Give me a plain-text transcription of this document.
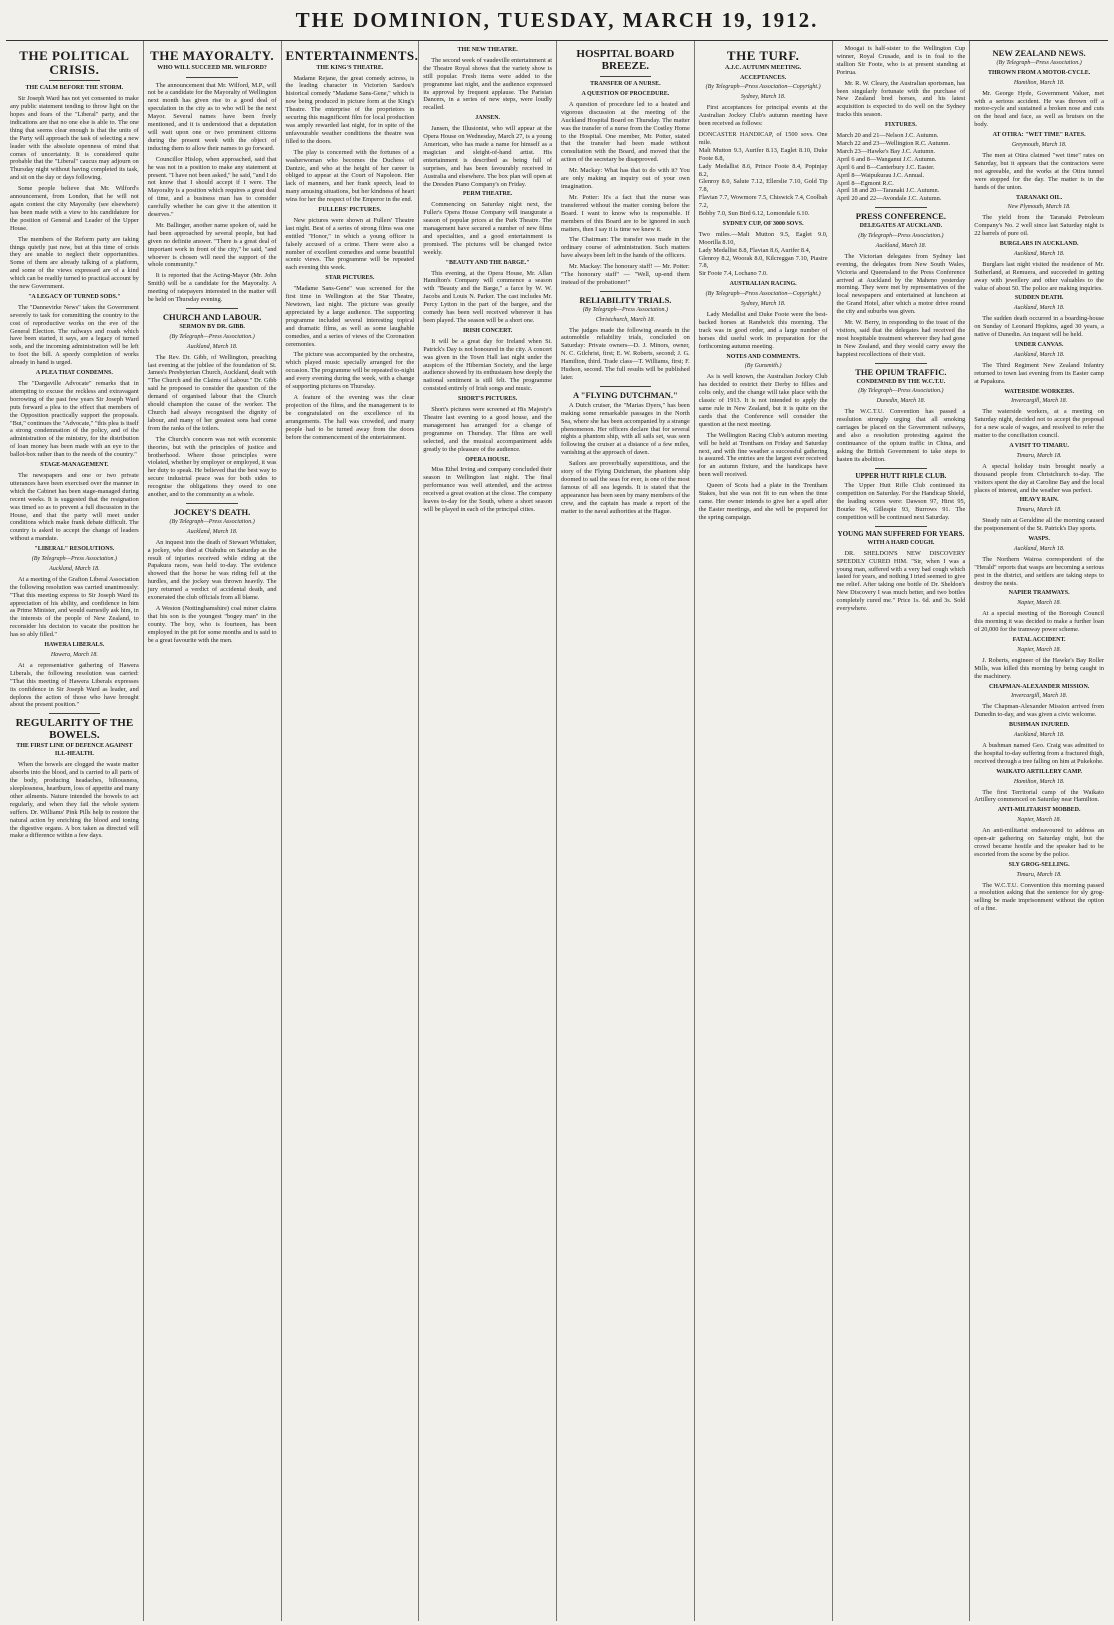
THE DOMINION, TUESDAY, MARCH 19, 1912.
THE POLITICAL CRISIS.
THE CALM BEFORE THE STORM.

Sir Joseph Ward has not yet consented to make any public statement tending to throw light on the hopes and fears of the "Liberal" party, and the indications are that no one else is able to. The one thing that seems clear enough is that the units of the Party will approach the task of selecting a new leader with the absolute openness of mind that comes of uncertainty. It is considered quite probable that the "Liberal" caucus may adjourn on Thursday night without having completed its task, and sit on the day or days following.

Some people believe that Mr. Wilford's announcement, from London, that he will not again contest the city Mayoralty (see elsewhere) has been made with a view to his candidature for the position of General and Leader of the Upper House.

The members of the Reform party are taking things quietly just now, but at this time of crisis they are unable to neglect their opportunities. Some of them are already talking of a platform, and some of the views expressed are of a kind which can be readily turned to practical account by the new Government.

"A LEGACY OF TURNED SODS."

The "Dannevirke News" takes the Government severely to task for committing the country to the cost of reproductive works on the eve of the General Election. The railways and roads which have been started, it says, are a legacy of turned sods, and the incoming administration will be left to foot the bill. A speedy completion of works already in hand is urged.

A PLEA THAT CONDEMNS.

The "Dargaville Advocate" remarks that in attempting to excuse the reckless and extravagant borrowing of the past few years Sir Joseph Ward puts forward a plea to the effect that members of the Opposition practically support the proposals. "But," continues the "Advocate," "this plea is itself a strong condemnation of the policy, and of the administration of the ministry, for the distribution of loan money has been made with an eye to the ballot-box rather than to the needs of the country."

STAGE-MANAGEMENT.

The newspapers and one or two private utterances have been exercised over the manner in which the Cabinet has been stage-managed during recent weeks. It is suggested that the resignation was timed so as to prevent a full discussion in the House, and that the party will meet under conditions which make frank debate difficult. The country is asked to accept the change of leaders without a mandate.

"LIBERAL" RESOLUTIONS.
(By Telegraph—Press Association.)
Auckland, March 18.

At a meeting of the Grafton Liberal Association the following resolution was carried unanimously: "That this meeting express to Sir Joseph Ward its appreciation of his ability, and confidence in him as Prime Minister, and would earnestly ask him, in the interests of the people of New Zealand, to reconsider his decision to vacate the position he has so ably filled."

HAWERA LIBERALS.
Hawera, March 18.

At a representative gathering of Hawera Liberals, the following resolution was carried: "That this meeting of Hawera Liberals expresses its confidence in Sir Joseph Ward as leader, and deplores the action of those who have brought about the present position."

REGULARITY OF THE BOWELS.
THE FIRST LINE OF DEFENCE AGAINST ILL-HEALTH.

When the bowels are clogged the waste matter absorbs into the blood, and is carried to all parts of the body, producing headaches, biliousness, sleeplessness, heartburn, loss of appetite and many other ailments. Nature intended the bowels to act regularly, and when they fail the whole system suffers. Dr. Williams' Pink Pills help to restore the natural action by enriching the blood and toning the digestive organs. A box taken as directed will make a difference within a few days.

THE MAYORALTY.
WHO WILL SUCCEED MR. WILFORD?

The announcement that Mr. Wilford, M.P., will not be a candidate for the Mayoralty of Wellington next month has given rise to a good deal of speculation in the city as to who will be the next Mayor. Several names have been freely mentioned, and it is understood that a deputation will wait upon one or two prominent citizens during the present week with the object of inducing them to allow their names to go forward.

Councillor Hislop, when approached, said that he was not in a position to make any statement at present. "I have not been asked," he said, "and I do not know that I should accept if I were. The Mayoralty is a position which requires a great deal of time, and a business man has to consider carefully whether he can give it the attention it deserves."

Mr. Ballinger, another name spoken of, said he had been approached by several people, but had given no definite answer. "There is a great deal of important work in front of the city," he said, "and whoever is chosen will need the support of the whole community."

It is reported that the Acting-Mayor (Mr. John Smith) will be a candidate for the Mayoralty. A meeting of ratepayers interested in the matter will be held on Thursday evening.

CHURCH AND LABOUR.
SERMON BY DR. GIBB.
(By Telegraph—Press Association.)
Auckland, March 18.

The Rev. Dr. Gibb, of Wellington, preaching last evening at the jubilee of the foundation of St. James's Presbyterian Church, Auckland, dealt with "The Church and the Claims of Labour." Dr. Gibb said he proposed to consider the question of the demand of organised labour that the Church should champion the cause of the worker. The Church had always recognised the dignity of labour, and many of her greatest sons had come from the ranks of the toilers.

The Church's concern was not with economic theories, but with the principles of justice and brotherhood. Where those principles were violated, whether by employer or employed, it was her duty to speak. He believed that the best way to secure industrial peace was for both sides to recognise the obligations they owed to one another, and to the community as a whole.

JOCKEY'S DEATH.
(By Telegraph—Press Association.)
Auckland, March 18.

An inquest into the death of Stewart Whittaker, a jockey, who died at Otahuhu on Saturday as the result of injuries received while riding at the Papakura races, was held to-day. The evidence showed that the horse he was riding fell at the hurdles, and the jockey was thrown heavily. The jury returned a verdict of accidental death, and exonerated the club officials from all blame.

A Weston (Nottinghamshire) coal miner claims that his son is the youngest "bogey man" in the county. The boy, who is fourteen, has been employed in the pit for some months and is said to be a great favourite with the men.

ENTERTAINMENTS.
THE KING'S THEATRE.

Madame Rejane, the great comedy actress, is the leading character in Victorien Sardou's historical comedy "Madame Sans-Gene," which is now being produced in picture form at the King's Theatre. The enterprise of the proprietors in securing this magnificent film for local production was amply rewarded last night, for in spite of the unfavourable weather conditions the theatre was filled to the doors.

The play is concerned with the fortunes of a washerwoman who becomes the Duchess of Dantzic, and who at the height of her career is obliged to appear at the Court of Napoleon. Her lack of manners, and her frank speech, lead to many amusing situations, but her kindness of heart wins for her the respect of the Emperor in the end.

FULLERS' PICTURES.

New pictures were shown at Fullers' Theatre last night. Best of a series of strong films was one entitled "Honor," in which a young officer is falsely accused of a crime. There were also a number of excellent comedies and some beautiful scenic views. The programme will be repeated each evening this week.

STAR PICTURES.

"Madame Sans-Gene" was screened for the first time in Wellington at the Star Theatre, Newtown, last night. The picture was greatly appreciated by a large audience. The supporting programme included several interesting topical and dramatic films, as well as some laughable comedies, and a series of views of the Coronation ceremonies.

The picture was accompanied by the orchestra, which played music specially arranged for the occasion. The programme will be repeated to-night and every evening during the week, with a change of supporting pictures on Thursday.

A feature of the evening was the clear projection of the films, and the management is to be congratulated on the excellence of its arrangements. The hall was crowded, and many people had to be turned away from the doors before the commencement of the entertainment.

THE NEW THEATRE.

The second week of vaudeville entertainment at the Theatre Royal shows that the variety show is still popular. Fresh items were added to the programme last night, and the audience expressed its approval by frequent applause. The Parisian Dancers, in a series of new steps, were loudly recalled.

JANSEN.

Jansen, the Illusionist, who will appear at the Opera House on Wednesday, March 27, is a young American, who has made a name for himself as a magician and sleight-of-hand artist. His entertainment is described as being full of surprises, and has been favourably received in Australia and elsewhere. The box plan will open at the Dresden Piano Company's on Friday.

PERM THEATRE.

Commencing on Saturday night next, the Fuller's Opera House Company will inaugurate a season of popular prices at the Park Theatre. The management have secured a number of new films and specialties, and a good entertainment is promised. The pictures will be changed twice weekly.

"BEAUTY AND THE BARGE."

This evening, at the Opera House, Mr. Allan Hamilton's Company will commence a season with "Beauty and the Barge," a farce by W. W. Jacobs and Louis N. Parker. The cast includes Mr. Percy Lytton in the part of the bargee, and the comedy has been well received wherever it has been played. The season will be a short one.

IRISH CONCERT.

It will be a great day for Ireland when St. Patrick's Day is not honoured in the city. A concert was given in the Town Hall last night under the auspices of the Hibernian Society, and the large audience showed by its enthusiasm how deeply the national sentiment is still felt. The programme consisted entirely of Irish songs and music.

SHORT'S PICTURES.

Short's pictures were screened at His Majesty's Theatre last evening to a good house, and the management has arranged for a change of programme on Thursday. The films are well selected, and the musical accompaniment adds greatly to the pleasure of the audience.

OPERA HOUSE.

Miss Ethel Irving and company concluded their season in Wellington last night. The final performance was well attended, and the actress received a great ovation at the close. The company leaves to-day for the South, where a short season will be played in each of the principal cities.

HOSPITAL BOARD BREEZE.
TRANSFER OF A NURSE.
A QUESTION OF PROCEDURE.

A question of procedure led to a heated and vigorous discussion at the meeting of the Auckland Hospital Board on Thursday. The matter was the transfer of a nurse from the Costley Home to the Hospital. One member, Mr. Potter, stated that the transfer had been made without consultation with the Board, and moved that the action of the secretary be disapproved.

Mr. Mackay: What has that to do with it? You are only making an inquiry out of your own imagination.

Mr. Potter: It's a fact that the nurse was transferred without the matter coming before the Board. I want to know who is responsible. If members of this Board are to be ignored in such matters, then I say it is time we knew it.

The Chairman: The transfer was made in the ordinary course of administration. Such matters have always been left in the hands of the officers.

Mr. Mackay: The honorary staff! — Mr. Potter: "The honorary staff" — "Well, up-end them instead of the probationer!"

RELIABILITY TRIALS.
(By Telegraph—Press Association.)
Christchurch, March 18.

The judges made the following awards in the automobile reliability trials, concluded on Saturday: Private owners—D. J. Minors, owner, N. C. Gilchrist, first; E. W. Roberts, second; J. G. Hamilton, third. Trade class—T. Williams, first; F. Hudson, second. The full results will be published later.

A "FLYING DUTCHMAN."

A Dutch cruiser, the "Marias Dyers," has been making some remarkable passages in the North Sea, where she has been accompanied by a strange phenomenon. Her officers declare that for several nights a phantom ship, with all sails set, was seen following the cruiser at a distance of a few miles, vanishing at the approach of dawn.

Sailors are proverbially superstitious, and the story of the Flying Dutchman, the phantom ship doomed to sail the seas for ever, is one of the most famous of all sea legends. It is stated that the appearance has been seen by many members of the crew, and the captain has made a report of the matter to the naval authorities at the Hague.

THE TURF.
A.J.C. AUTUMN MEETING.
ACCEPTANCES.
(By Telegraph—Press Association—Copyright.)
Sydney, March 18.

First acceptances for principal events at the Australian Jockey Club's autumn meeting have been received as follows:

DONCASTER HANDICAP, of 1500 sovs. One mile.
Malt Mutton 9.3, Aurifer 8.13, Eaglet 8.10, Duke Foote 8.8,
Lady Medallist 8.6, Prince Foote 8.4, Popinjay 8.2,
Glenroy 8.0, Salute 7.12, Ellerslie 7.10, Gold Tip 7.8,
Flavian 7.7, Wowmore 7.5, Chiswick 7.4, Coolbah 7.2,
Bobby 7.0, Sun Bird 6.12, Lomondale 6.10.
SYDNEY CUP, OF 3000 SOVS.
Two miles.—Malt Mutton 9.5, Eaglet 9.0, Moorilla 8.10,
Lady Medallist 8.8, Flavian 8.6, Aurifer 8.4,
Glenroy 8.2, Woorak 8.0, Kilcreggan 7.10, Piastre 7.8,
Sir Foote 7.4, Lochano 7.0.
AUSTRALIAN RACING.
(By Telegraph—Press Association—Copyright.)
Sydney, March 18.

Lady Medallist and Duke Foote were the best-backed horses at Randwick this morning. The track was in good order, and a large number of horses did useful work in preparation for the forthcoming autumn meeting.

NOTES AND COMMENTS.
(By Gunsmith.)

As is well known, the Australian Jockey Club has decided to restrict their Derby to fillies and colts only, and the change will take place with the classic of 1913. It is not intended to apply the same rule in New Zealand, but it is quite on the cards that the Conference will consider the question at the next meeting.

The Wellington Racing Club's autumn meeting will be held at Trentham on Friday and Saturday next, and with fine weather a successful gathering is assured. The entries are the largest ever received for an autumn fixture, and the handicaps have been well received.

Queen of Scots had a plate in the Trentham Stakes, but she was not fit to run when the time came. Her owner intends to give her a spell after the Easter meetings, and she will be prepared for the spring campaign.

Moogai is half-sister to the Wellington Cup winner, Royal Crusade, and is in foal to the stallion Sir Foote, who is at present standing at Porirua.

Mr. R. W. Cleary, the Australian sportsman, has been singularly fortunate with the purchase of New Zealand bred horses, and his latest acquisition is expected to do well on the Sydney tracks this season.

FIXTURES.
March 20 and 21—Nelson J.C. Autumn.
March 22 and 23—Wellington R.C. Autumn.
March 23—Hawke's Bay J.C. Autumn.
April 6 and 8—Wanganui J.C. Autumn.
April 6 and 8—Canterbury J.C. Easter.
April 8—Waipukurau J.C. Annual.
April 8—Egmont R.C.
April 18 and 20—Taranaki J.C. Autumn.
April 20 and 22—Avondale J.C. Autumn.
PRESS CONFERENCE.
DELEGATES AT AUCKLAND.
(By Telegraph—Press Association.)
Auckland, March 18.

The Victorian delegates from Sydney last evening, the delegates from New South Wales, Victoria and Queensland to the Press Conference arrived at Auckland by the Maheno yesterday morning. They were met by representatives of the local newspapers and entertained at luncheon at the Grand Hotel, after which a motor drive round the city and suburbs was given.

Mr. W. Berry, in responding to the toast of the visitors, said that the delegates had received the most hospitable treatment wherever they had gone in New Zealand, and they would carry away the happiest recollections of their visit.

THE OPIUM TRAFFIC.
CONDEMNED BY THE W.C.T.U.
(By Telegraph—Press Association.)
Dunedin, March 18.

The W.C.T.U. Convention has passed a resolution strongly urging that all smoking carriages be placed on the Government railways, and also a resolution protesting against the continuance of the opium traffic in China, and asking the British Government to take steps to hasten its abolition.

UPPER HUTT RIFLE CLUB.

The Upper Hutt Rifle Club continued its competition on Saturday. For the Handicap Shield, the leading scores were: Dawson 97, Hirst 95, Bourke 94, Gillespie 93, Burrows 91. The competition will be continued next Saturday.

YOUNG MAN SUFFERED FOR YEARS.
WITH A HARD COUGH.

DR. SHELDON'S NEW DISCOVERY SPEEDILY CURED HIM. "Sir, when I was a young man, suffered with a very bad cough which lasted for years, and nothing I tried seemed to give me relief. After taking one bottle of Dr. Sheldon's New Discovery I was much better, and two bottles completely cured me." Price 1s. 6d. and 3s. Sold everywhere.

NEW ZEALAND NEWS.
(By Telegraph—Press Association.)
THROWN FROM A MOTOR-CYCLE.
Hamilton, March 18.

Mr. George Hyde, Government Valuer, met with a serious accident. He was thrown off a motor-cycle and sustained a broken nose and cuts on the head and face, as well as bruises on the body.

AT OTIRA: "WET TIME" RATES.
Greymouth, March 18.

The men at Otira claimed "wet time" rates on Saturday, but it appears that the contractors were not agreeable, and the works at the Otira tunnel were stopped for the day. The matter is in the hands of the union.

TARANAKI OIL.
New Plymouth, March 18.

The yield from the Taranaki Petroleum Company's No. 2 well since last Saturday night is 22 barrels of pure oil.

BURGLARS IN AUCKLAND.
Auckland, March 18.

Burglars last night visited the residence of Mr. Sutherland, at Remuera, and succeeded in getting away with jewellery and other valuables to the value of about 50. The police are making inquiries.

SUDDEN DEATH.
Auckland, March 18.

The sudden death occurred in a boarding-house on Sunday of Leonard Hopkins, aged 30 years, a native of Dunedin. An inquest will be held.

UNDER CANVAS.
Auckland, March 18.

The Third Regiment New Zealand Infantry returned to town last evening from its Easter camp at Papakura.

WATERSIDE WORKERS.
Invercargill, March 18.

The waterside workers, at a meeting on Saturday night, decided not to accept the proposal for a new scale of wages, and resolved to refer the matter to the conciliation council.

A VISIT TO TIMARU.
Timaru, March 18.

A special holiday train brought nearly a thousand people from Christchurch to-day. The visitors spent the day at Caroline Bay and the local places of interest, and the weather was perfect.

HEAVY RAIN.
Timaru, March 18.

Steady rain at Geraldine all the morning caused the postponement of the St. Patrick's Day sports.

WASPS.
Auckland, March 18.

The Northern Wairoa correspondent of the "Herald" reports that wasps are becoming a serious pest in the district, and settlers are taking steps to destroy the nests.

NAPIER TRAMWAYS.
Napier, March 18.

At a special meeting of the Borough Council this morning it was decided to make a further loan of 20,000 for the tramway power scheme.

FATAL ACCIDENT.
Napier, March 18.

J. Roberts, engineer of the Hawke's Bay Roller Mills, was killed this morning by being caught in the machinery.

CHAPMAN-ALEXANDER MISSION.
Invercargill, March 18.

The Chapman-Alexander Mission arrived from Dunedin to-day, and was given a civic welcome.

BUSHMAN INJURED.
Auckland, March 18.

A bushman named Geo. Craig was admitted to the hospital to-day suffering from a fractured thigh, received through a tree falling on him at Pukekohe.

WAIKATO ARTILLERY CAMP.
Hamilton, March 18.

The first Territorial camp of the Waikato Artillery commenced on Saturday near Hamilton.

ANTI-MILITARIST MOBBED.
Napier, March 18.

An anti-militarist endeavoured to address an open-air gathering on Saturday night, but the crowd became hostile and the speaker had to be escorted from the scene by the police.

SLY GROG-SELLING.
Timaru, March 18.

The W.C.T.U. Convention this morning passed a resolution asking that the sentence for sly grog-selling be made imprisonment without the option of a fine.
